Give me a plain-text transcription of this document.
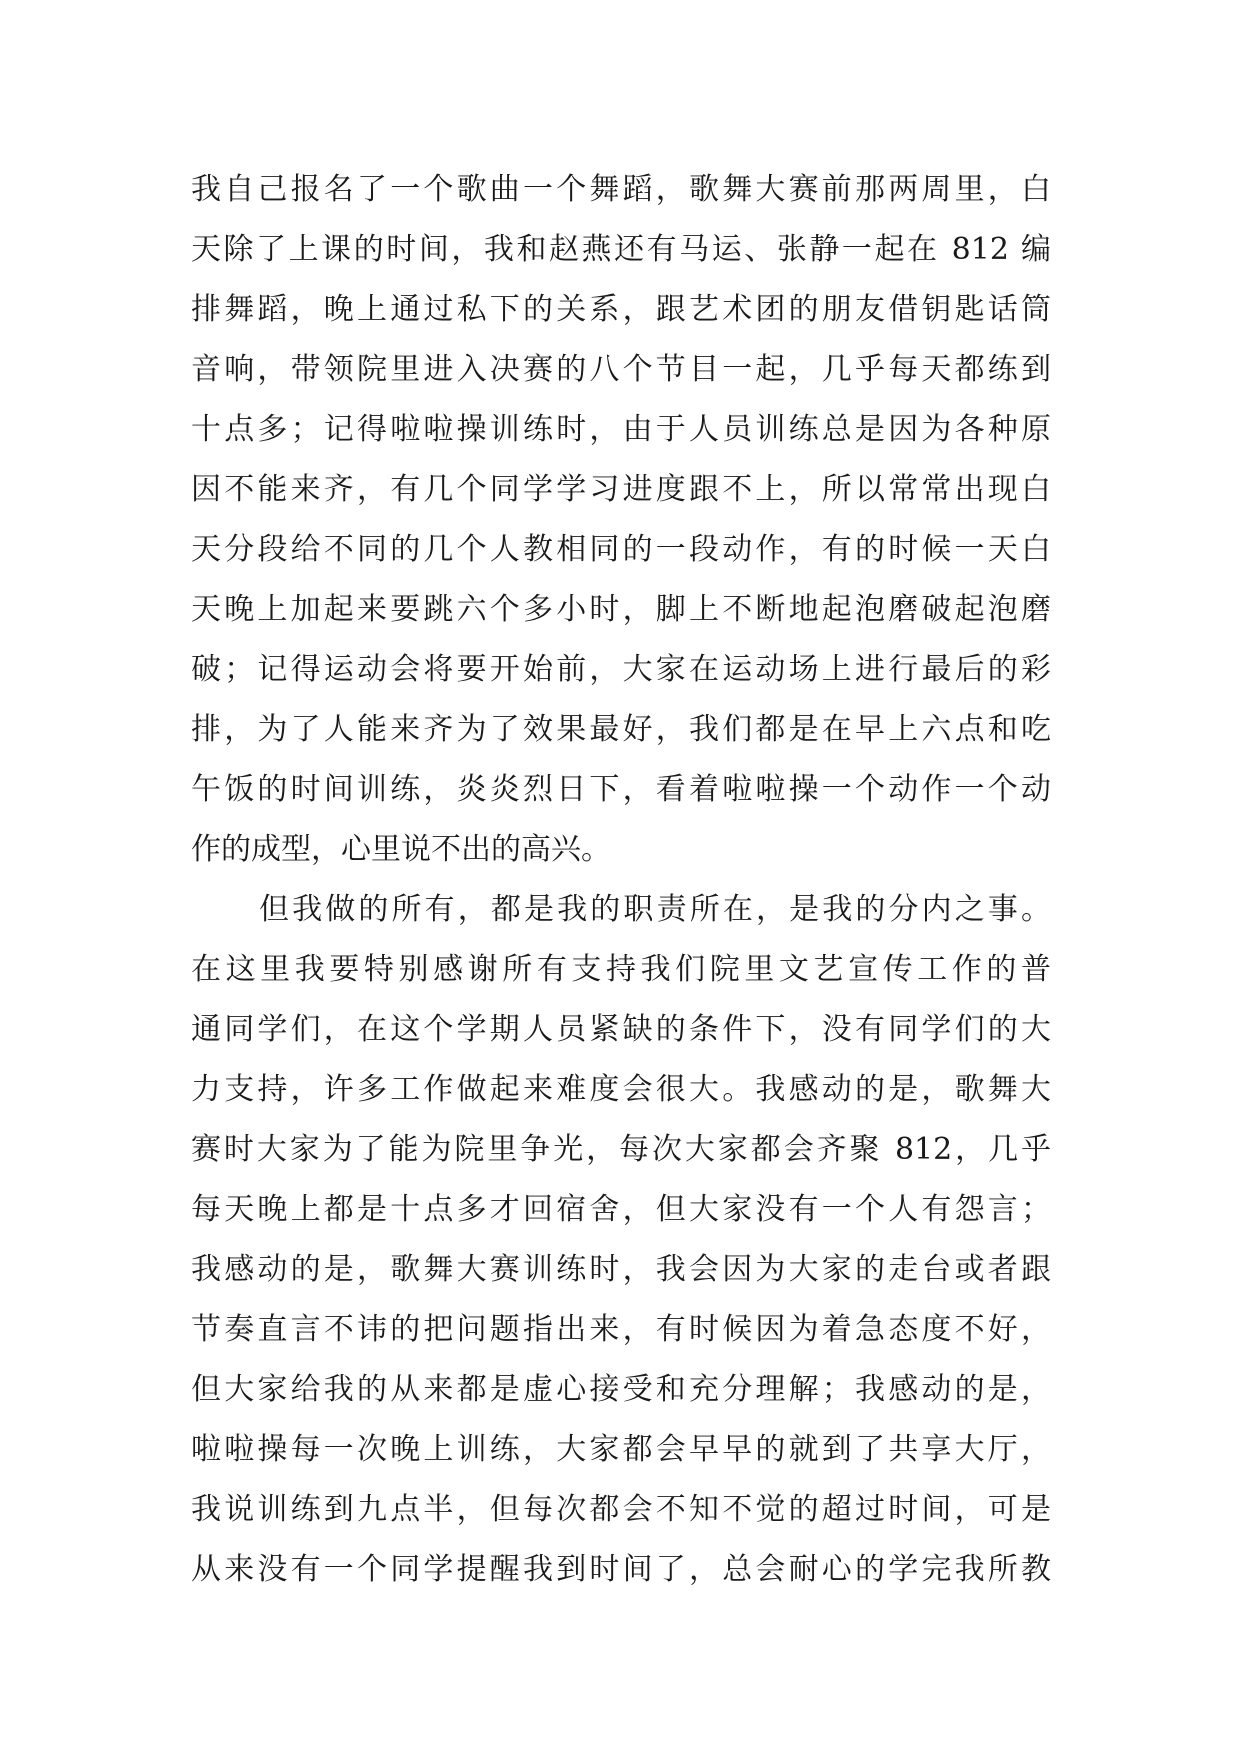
我自己报名了一个歌曲一个舞蹈，歌舞大赛前那两周里，白
天除了上课的时间，我和赵燕还有马运、张静一起在 812 编
排舞蹈，晚上通过私下的关系，跟艺术团的朋友借钥匙话筒
音响，带领院里进入决赛的八个节目一起，几乎每天都练到
十点多；记得啦啦操训练时，由于人员训练总是因为各种原
因不能来齐，有几个同学学习进度跟不上，所以常常出现白
天分段给不同的几个人教相同的一段动作，有的时候一天白
天晚上加起来要跳六个多小时，脚上不断地起泡磨破起泡磨
破；记得运动会将要开始前，大家在运动场上进行最后的彩
排，为了人能来齐为了效果最好，我们都是在早上六点和吃
午饭的时间训练，炎炎烈日下，看着啦啦操一个动作一个动
作的成型，心里说不出的高兴。
但我做的所有，都是我的职责所在，是我的分内之事。
在这里我要特别感谢所有支持我们院里文艺宣传工作的普
通同学们，在这个学期人员紧缺的条件下，没有同学们的大
力支持，许多工作做起来难度会很大。我感动的是，歌舞大
赛时大家为了能为院里争光，每次大家都会齐聚 812，几乎
每天晚上都是十点多才回宿舍，但大家没有一个人有怨言；
我感动的是，歌舞大赛训练时，我会因为大家的走台或者跟
节奏直言不讳的把问题指出来，有时候因为着急态度不好，
但大家给我的从来都是虚心接受和充分理解；我感动的是，
啦啦操每一次晚上训练，大家都会早早的就到了共享大厅，
我说训练到九点半，但每次都会不知不觉的超过时间，可是
从来没有一个同学提醒我到时间了，总会耐心的学完我所教
